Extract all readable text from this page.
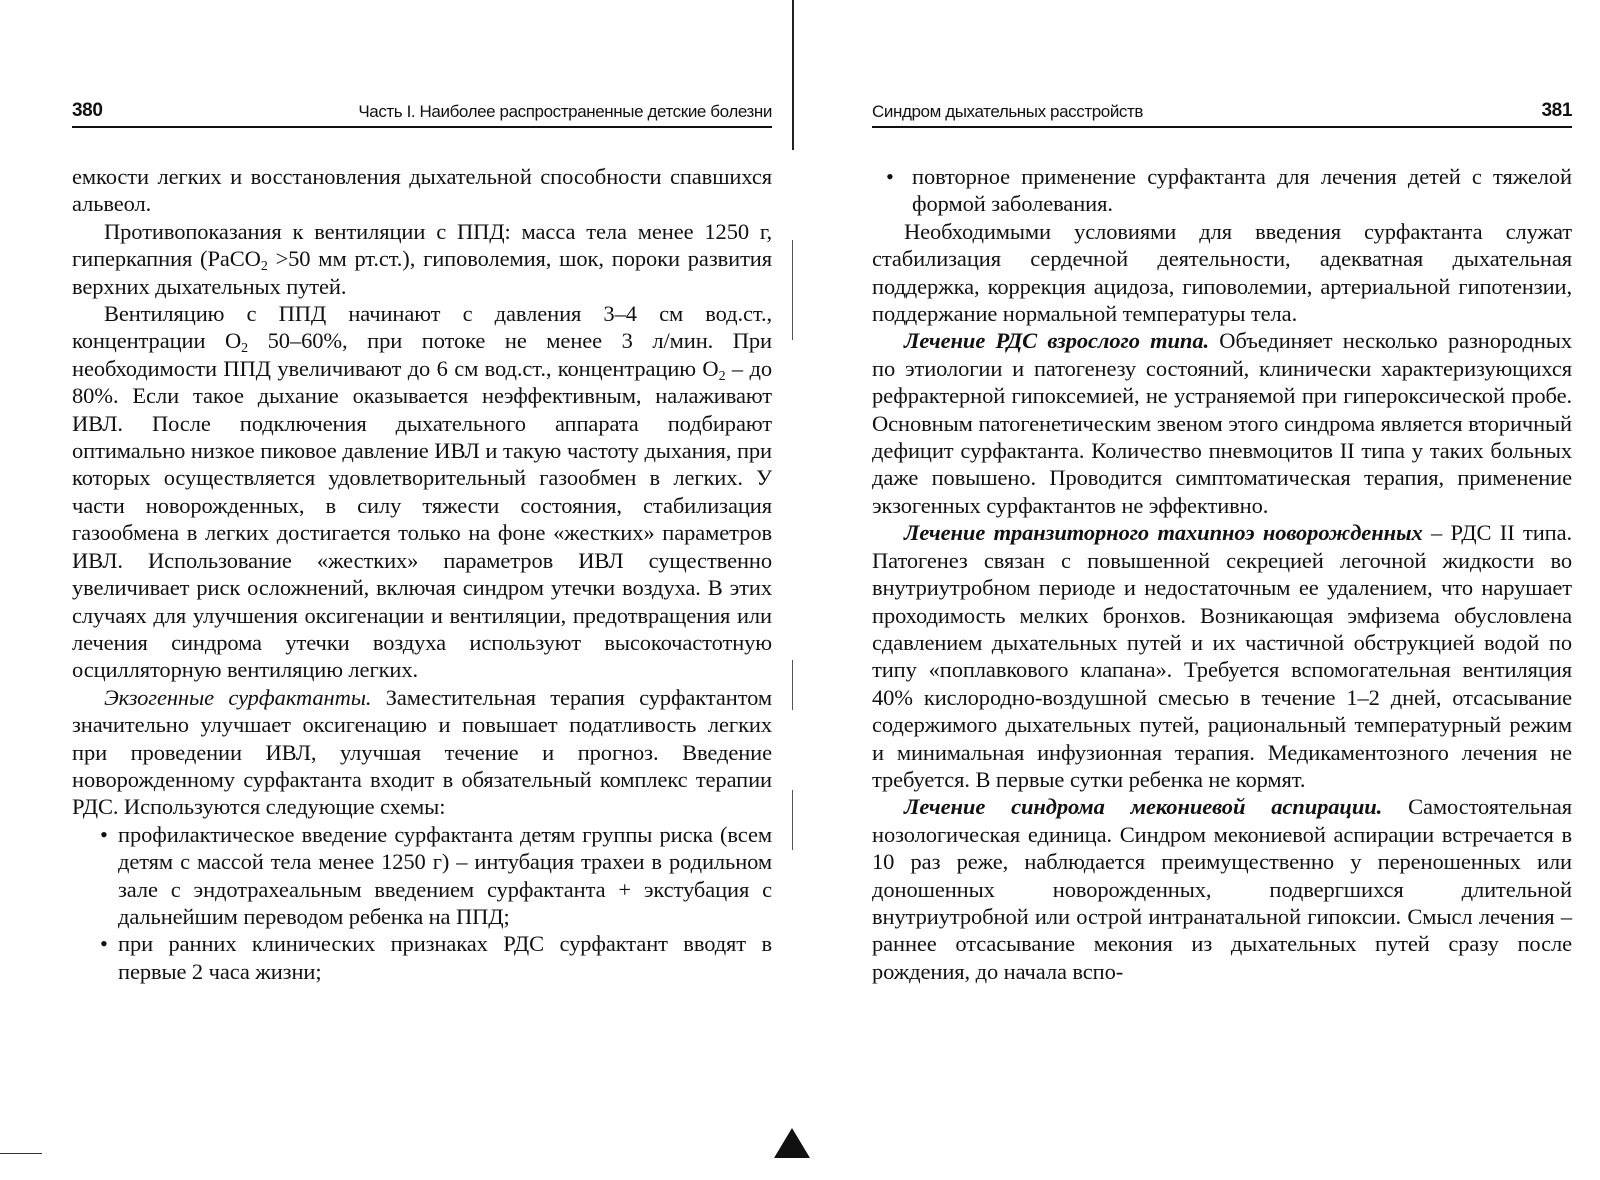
380	Часть I. Наиболее распространенные детские болезни

емкости легких и восстановления дыхательной способности спавшихся альвеол.

Противопоказания к вентиляции с ППД: масса тела менее 1250 г, гиперкапния (PaCO$_2$ >50 мм рт.ст.), гиповолемия, шок, пороки развития верхних дыхательных путей.

Вентиляцию с ППД начинают с давления 3–4 см вод.ст., концентрации $O_2$ 50–60%, при потоке не менее 3 л/мин. При необходимости ППД увеличивают до 6 см вод.ст., концентрацию $O_2$ – до 80%. Если такое дыхание оказывается неэффективным, налаживают ИВЛ. После подключения дыхательного аппарата подбирают оптимально низкое пиковое давление ИВЛ и такую частоту дыхания, при которых осуществляется удовлетворительный газообмен в легких. У части новорожденных, в силу тяжести состояния, стабилизация газообмена в легких достигается только на фоне «жестких» параметров ИВЛ. Использование «жестких» параметров ИВЛ существенно увеличивает риск осложнений, включая синдром утечки воздуха. В этих случаях для улучшения оксигенации и вентиляции, предотвращения или лечения синдрома утечки воздуха используют высокочастотную осцилляторную вентиляцию легких.

Экзогенные сурфактанты. Заместительная терапия сурфактантом значительно улучшает оксигенацию и повышает податливость легких при проведении ИВЛ, улучшая течение и прогноз. Введение новорожденному сурфактанта входит в обязательный комплекс терапии РДС. Используются следующие схемы:

• профилактическое введение сурфактанта детям группы риска (всем детям с массой тела менее 1250 г) – интубация трахеи в родильном зале с эндотрахеальным введением сурфактанта + экстубация с дальнейшим переводом ребенка на ППД;
• при ранних клинических признаках РДС сурфактант вводят в первые 2 часа жизни;
Синдром дыхательных расстройств	381
• повторное применение сурфактанта для лечения детей с тяжелой формой заболевания.

Необходимыми условиями для введения сурфактанта служат стабилизация сердечной деятельности, адекватная дыхательная поддержка, коррекция ацидоза, гиповолемии, артериальной гипотензии, поддержание нормальной температуры тела.

Лечение РДС взрослого типа. Объединяет несколько разнородных по этиологии и патогенезу состояний, клинически характеризующихся рефрактерной гипоксемией, не устраняемой при гипероксической пробе. Основным патогенетическим звеном этого синдрома является вторичный дефицит сурфактанта. Количество пневмоцитов II типа у таких больных даже повышено. Проводится симптоматическая терапия, применение экзогенных сурфактантов не эффективно.

Лечение транзиторного тахипноэ новорожденных – РДС II типа. Патогенез связан с повышенной секрецией легочной жидкости во внутриутробном периоде и недостаточным ее удалением, что нарушает проходимость мелких бронхов. Возникающая эмфизема обусловлена сдавлением дыхательных путей и их частичной обструкцией водой по типу «поплавкового клапана». Требуется вспомогательная вентиляция 40% кислородно-воздушной смесью в течение 1–2 дней, отсасывание содержимого дыхательных путей, рациональный температурный режим и минимальная инфузионная терапия. Медикаментозного лечения не требуется. В первые сутки ребенка не кормят.

Лечение синдрома мекониевой аспирации. Самостоятельная нозологическая единица. Синдром мекониевой аспирации встречается в 10 раз реже, наблюдается преимущественно у переношенных или доношенных новорожденных, подвергшихся длительной внутриутробной или острой интранатальной гипоксии. Смысл лечения – раннее отсасывание мекония из дыхательных путей сразу после рождения, до начала вспо-
